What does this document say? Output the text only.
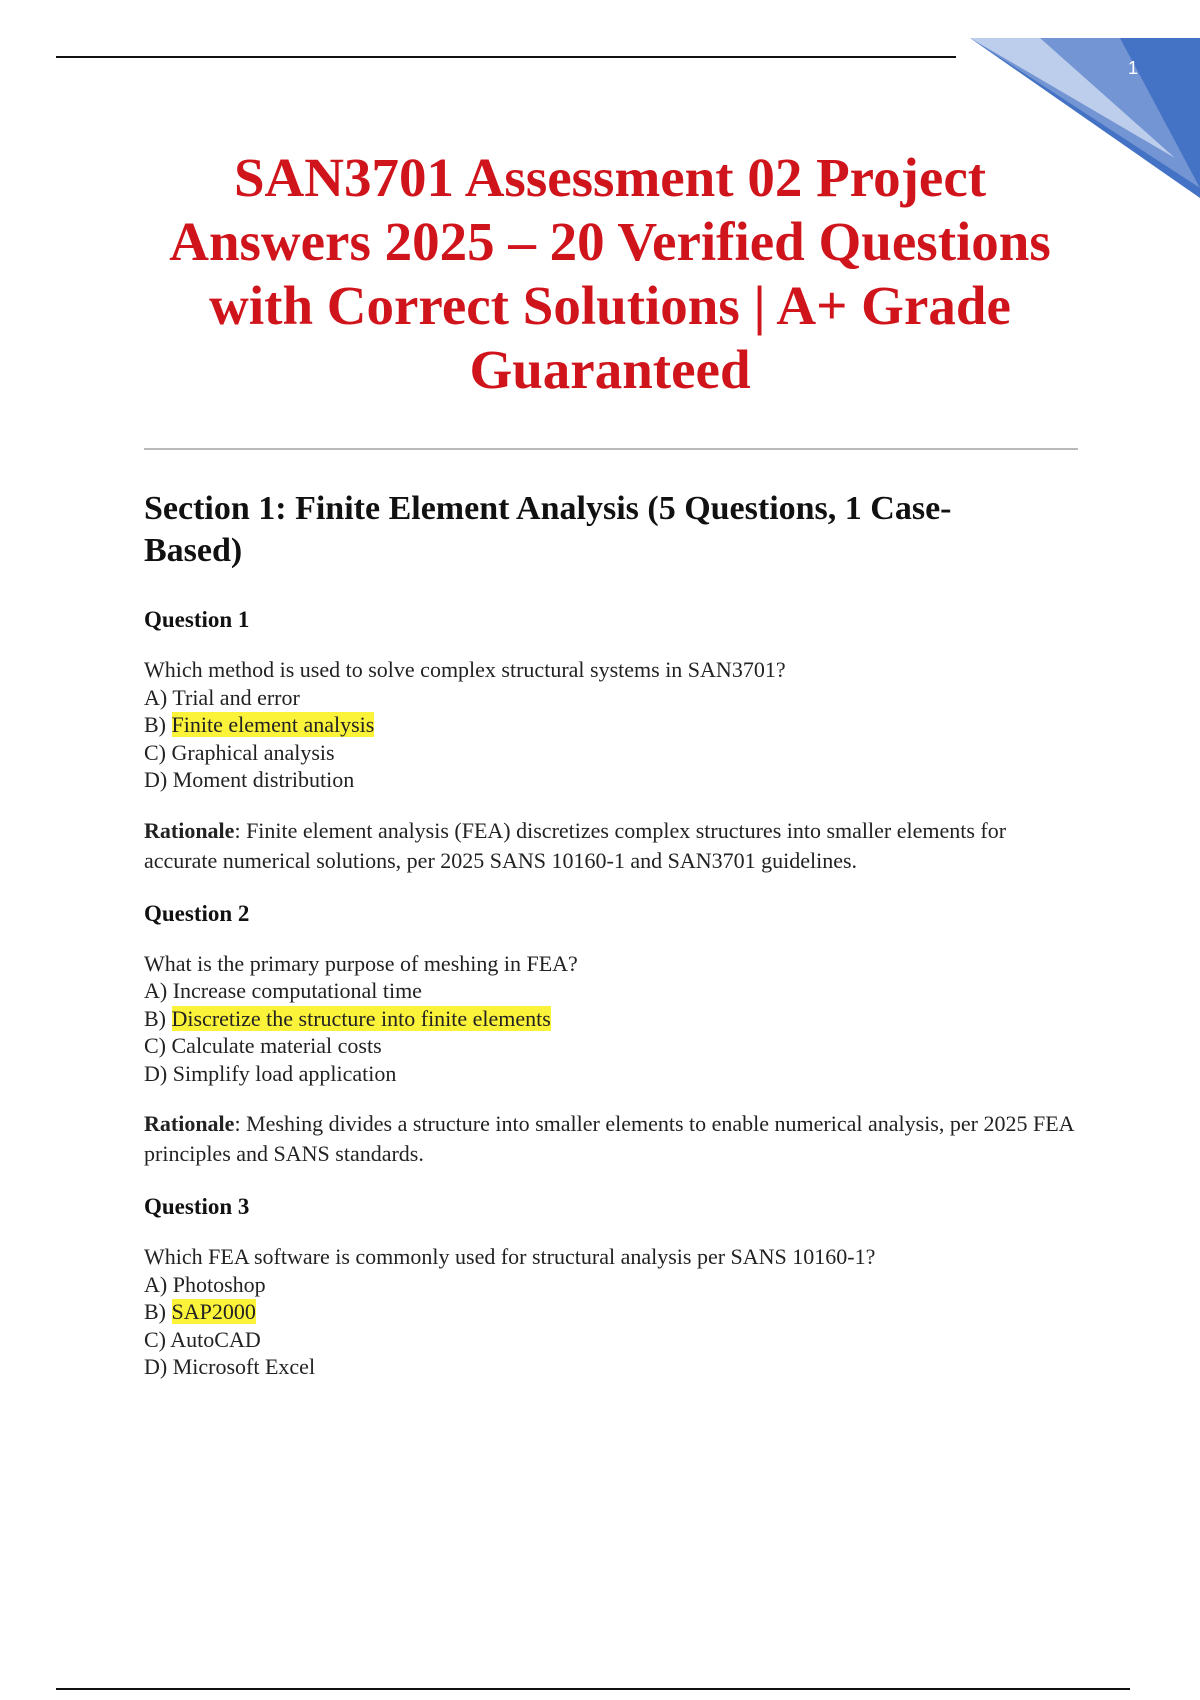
1
SAN3701 Assessment 02 Project
Answers 2025 – 20 Verified Questions
with Correct Solutions | A+ Grade
Guaranteed
Section 1: Finite Element Analysis (5 Questions, 1 Case-
Based)
Question 1

Which method is used to solve complex structural systems in SAN3701?

A) Trial and error

B) Finite element analysis

C) Graphical analysis

D) Moment distribution

Rationale: Finite element analysis (FEA) discretizes complex structures into smaller elements for accurate numerical solutions, per 2025 SANS 10160-1 and SAN3701 guidelines.

Question 2

What is the primary purpose of meshing in FEA?

A) Increase computational time

B) Discretize the structure into finite elements

C) Calculate material costs

D) Simplify load application

Rationale: Meshing divides a structure into smaller elements to enable numerical analysis, per 2025 FEA principles and SANS standards.

Question 3

Which FEA software is commonly used for structural analysis per SANS 10160-1?

A) Photoshop

B) SAP2000

C) AutoCAD

D) Microsoft Excel
